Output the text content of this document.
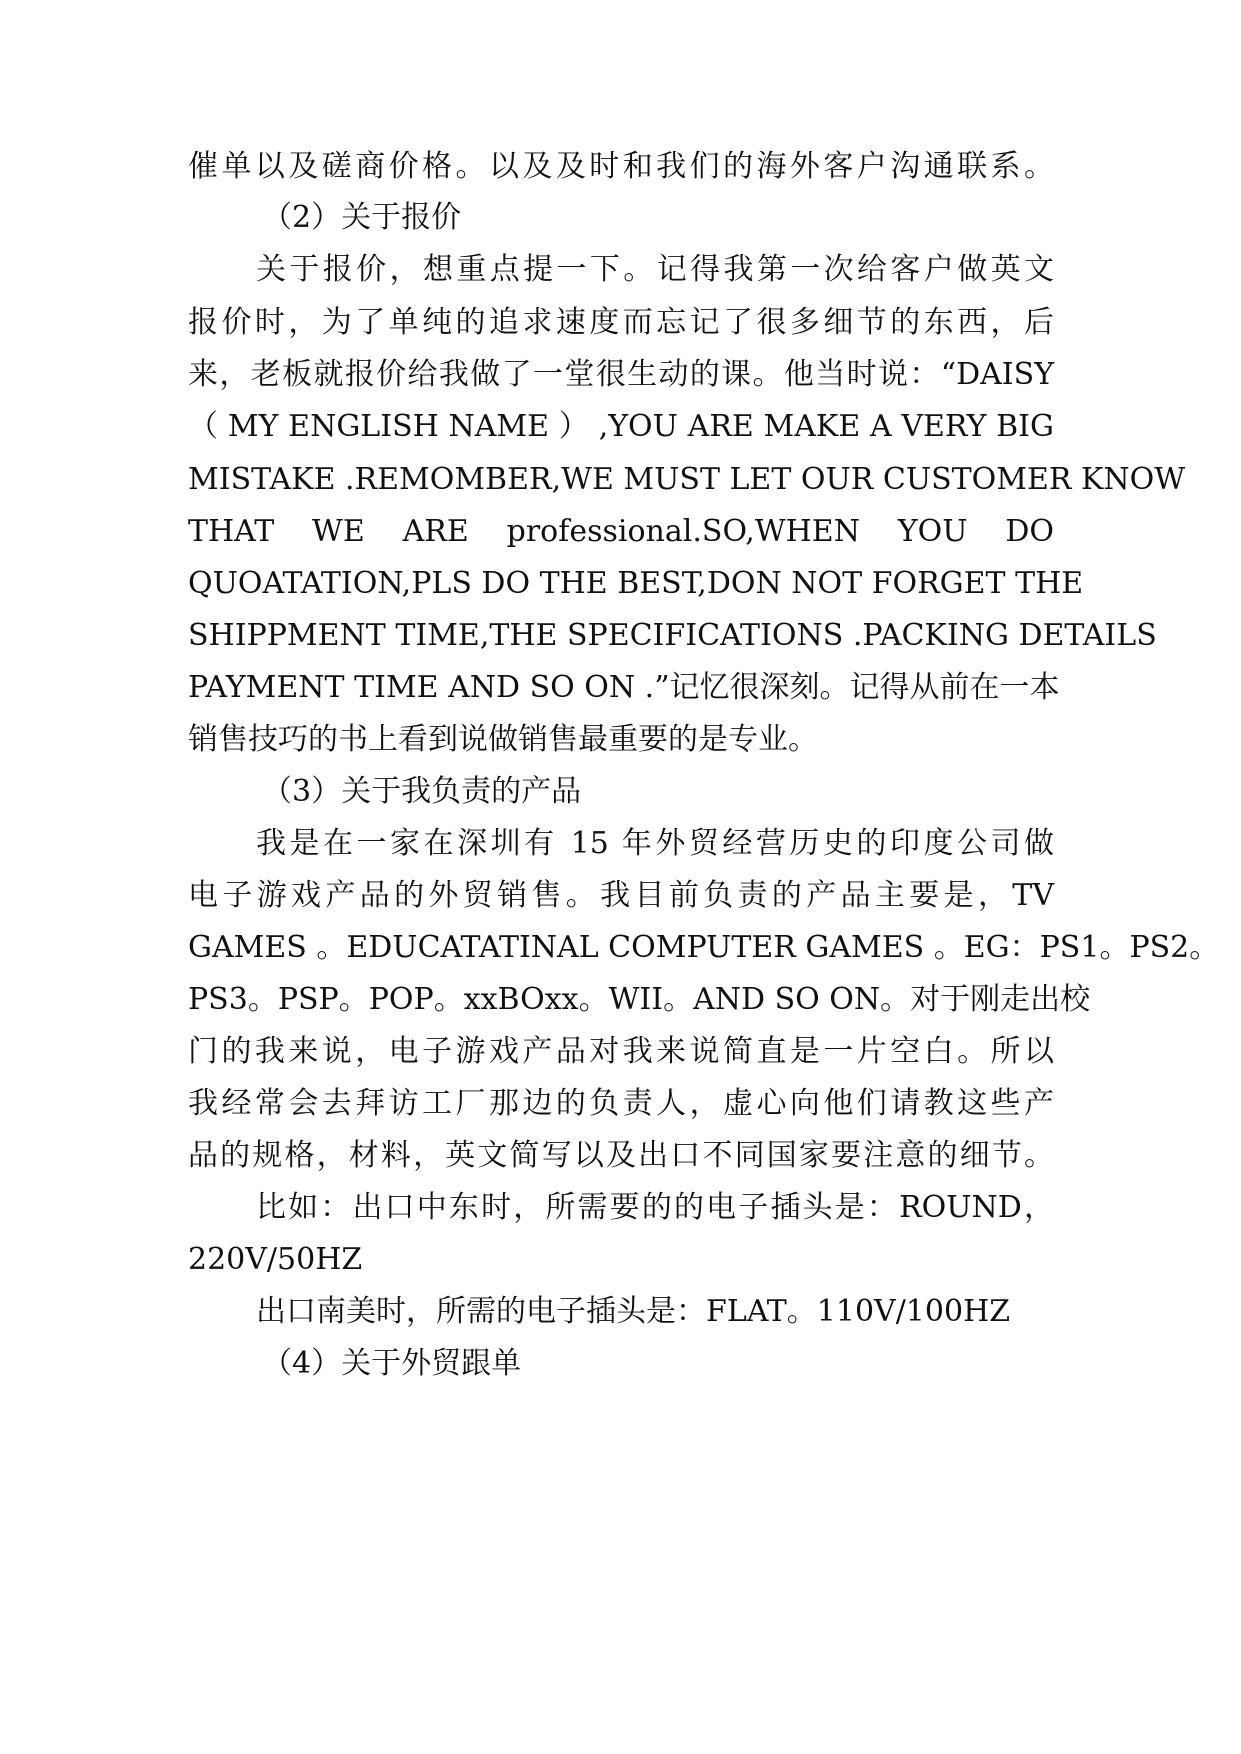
催单以及磋商价格。以及及时和我们的海外客户沟通联系。
（2）关于报价
关于报价，想重点提一下。记得我第一次给客户做英文
报价时，为了单纯的追求速度而忘记了很多细节的东西，后
来，老板就报价给我做了一堂很生动的课。他当时说：“DAISY
（ MY ENGLISH NAME ） ,YOU ARE MAKE A VERY BIG
MISTAKE .REMOMBER,WE MUST LET OUR CUSTOMER KNOW
THAT WE ARE professional.SO,WHEN YOU DO
QUOATATION,PLS DO THE BEST,DON NOT FORGET THE
SHIPPMENT TIME,THE SPECIFICATIONS .PACKING DETAILS
PAYMENT TIME AND SO ON .”记忆很深刻。记得从前在一本
销售技巧的书上看到说做销售最重要的是专业。
（3）关于我负责的产品
我是在一家在深圳有 15 年外贸经营历史的印度公司做
电子游戏产品的外贸销售。我目前负责的产品主要是，TV
GAMES 。EDUCATATINAL COMPUTER GAMES 。EG：PS1。PS2。
PS3。PSP。POP。xxBOxx。WII。AND SO ON。对于刚走出校
门的我来说，电子游戏产品对我来说简直是一片空白。所以
我经常会去拜访工厂那边的负责人，虚心向他们请教这些产
品的规格，材料，英文简写以及出口不同国家要注意的细节。
比如：出口中东时，所需要的的电子插头是：ROUND，
220V/50HZ
出口南美时，所需的电子插头是：FLAT。110V/100HZ
（4）关于外贸跟单
